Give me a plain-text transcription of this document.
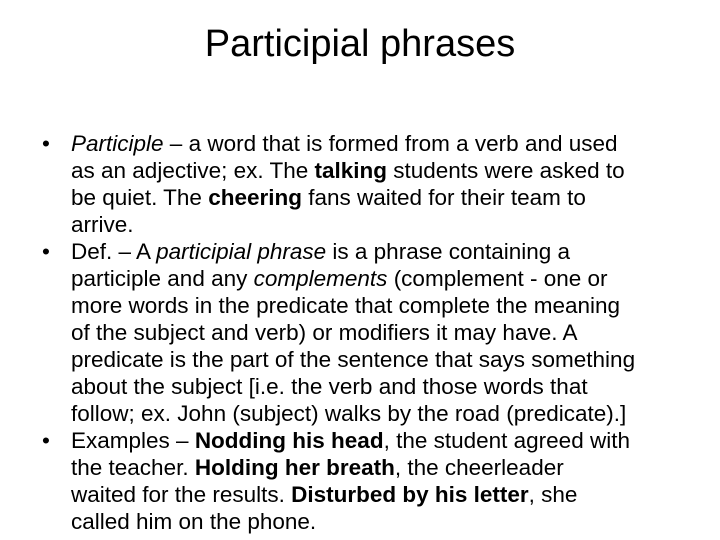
Participial phrases
•
Participle – a word that is formed from a verb and used
as an adjective; ex. The talking students were asked to
be quiet. The cheering fans waited for their team to
arrive.
•
Def. – A participial phrase is a phrase containing a
participle and any complements (complement - one or
more words in the predicate that complete the meaning
of the subject and verb) or modifiers it may have. A
predicate is the part of the sentence that says something
about the subject [i.e. the verb and those words that
follow; ex. John (subject) walks by the road (predicate).]
•
Examples – Nodding his head, the student agreed with
the teacher. Holding her breath, the cheerleader
waited for the results. Disturbed by his letter, she
called him on the phone.
